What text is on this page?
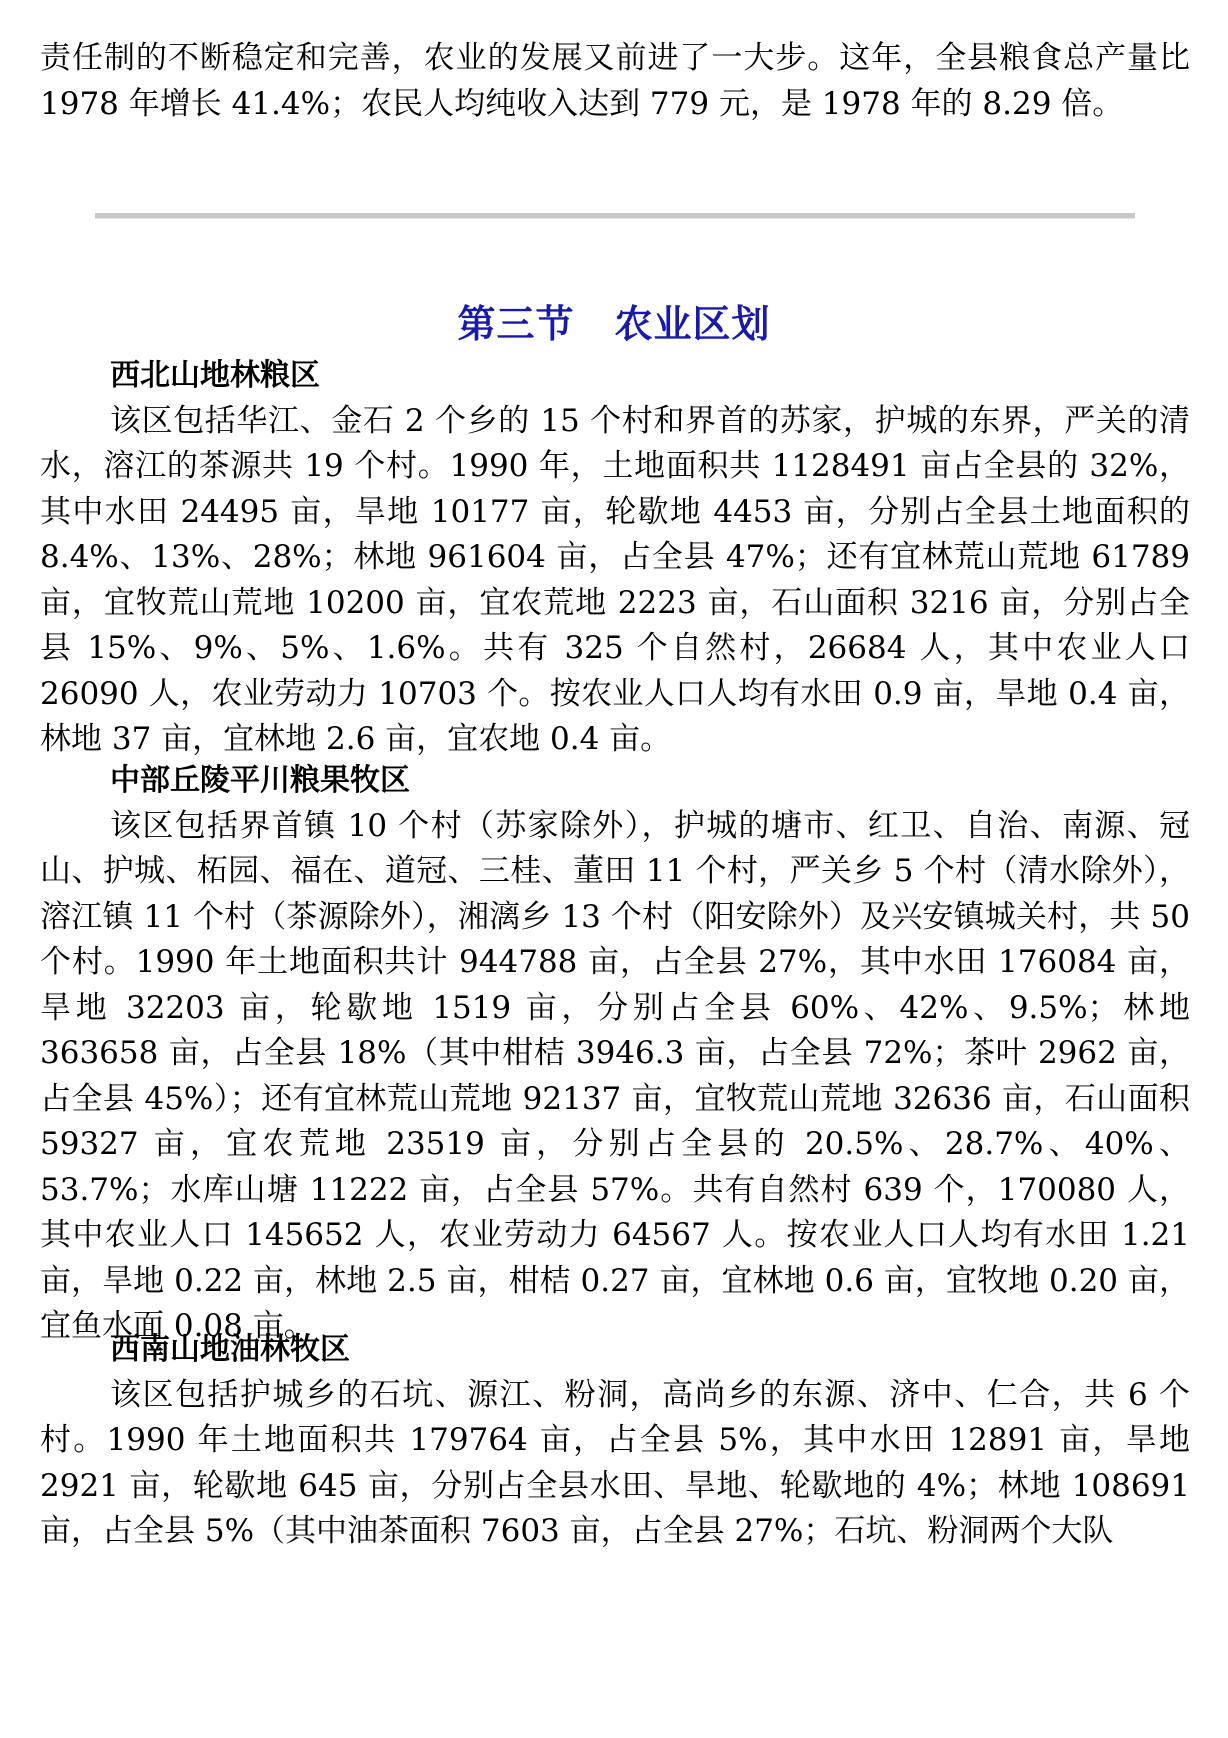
责任制的不断稳定和完善，农业的发展又前进了一大步。这年，全县粮食总产量比 1978 年增长 41.4%；农民人均纯收入达到 779 元，是 1978 年的 8.29 倍。

第三节 农业区划

西北山地林粮区

该区包括华江、金石 2 个乡的 15 个村和界首的苏家，护城的东界，严关的清水，溶江的茶源共 19 个村。1990 年，土地面积共 1128491 亩占全县的 32%，其中水田 24495 亩，旱地 10177 亩，轮歇地 4453 亩，分别占全县土地面积的 8.4%、13%、28%；林地 961604 亩，占全县 47%；还有宜林荒山荒地 61789 亩，宜牧荒山荒地 10200 亩，宜农荒地 2223 亩，石山面积 3216 亩，分别占全县 15%、9%、5%、1.6%。共有 325 个自然村，26684 人，其中农业人口 26090 人，农业劳动力 10703 个。按农业人口人均有水田 0.9 亩，旱地 0.4 亩，林地 37 亩，宜林地 2.6 亩，宜农地 0.4 亩。

中部丘陵平川粮果牧区

该区包括界首镇 10 个村（苏家除外），护城的塘市、红卫、自治、南源、冠山、护城、柘园、福在、道冠、三桂、董田 11 个村，严关乡 5 个村（清水除外），溶江镇 11 个村（茶源除外），湘漓乡 13 个村（阳安除外）及兴安镇城关村，共 50 个村。1990 年土地面积共计 944788 亩，占全县 27%，其中水田 176084 亩，旱地 32203 亩，轮歇地 1519 亩，分别占全县 60%、42%、9.5%；林地 363658 亩，占全县 18%（其中柑桔 3946.3 亩，占全县 72%；茶叶 2962 亩，占全县 45%）；还有宜林荒山荒地 92137 亩，宜牧荒山荒地 32636 亩，石山面积 59327 亩，宜农荒地 23519 亩，分别占全县的 20.5%、28.7%、40%、53.7%；水库山塘 11222 亩，占全县 57%。共有自然村 639 个，170080 人，其中农业人口 145652 人，农业劳动力 64567 人。按农业人口人均有水田 1.21 亩，旱地 0.22 亩，林地 2.5 亩，柑桔 0.27 亩，宜林地 0.6 亩，宜牧地 0.20 亩，宜鱼水面 0.08 亩。

西南山地油林牧区

该区包括护城乡的石坑、源江、粉洞，高尚乡的东源、济中、仁合，共 6 个村。1990 年土地面积共 179764 亩，占全县 5%，其中水田 12891 亩，旱地 2921 亩，轮歇地 645 亩，分别占全县水田、旱地、轮歇地的 4%；林地 108691 亩，占全县 5%（其中油茶面积 7603 亩，占全县 27%；石坑、粉洞两个大队
